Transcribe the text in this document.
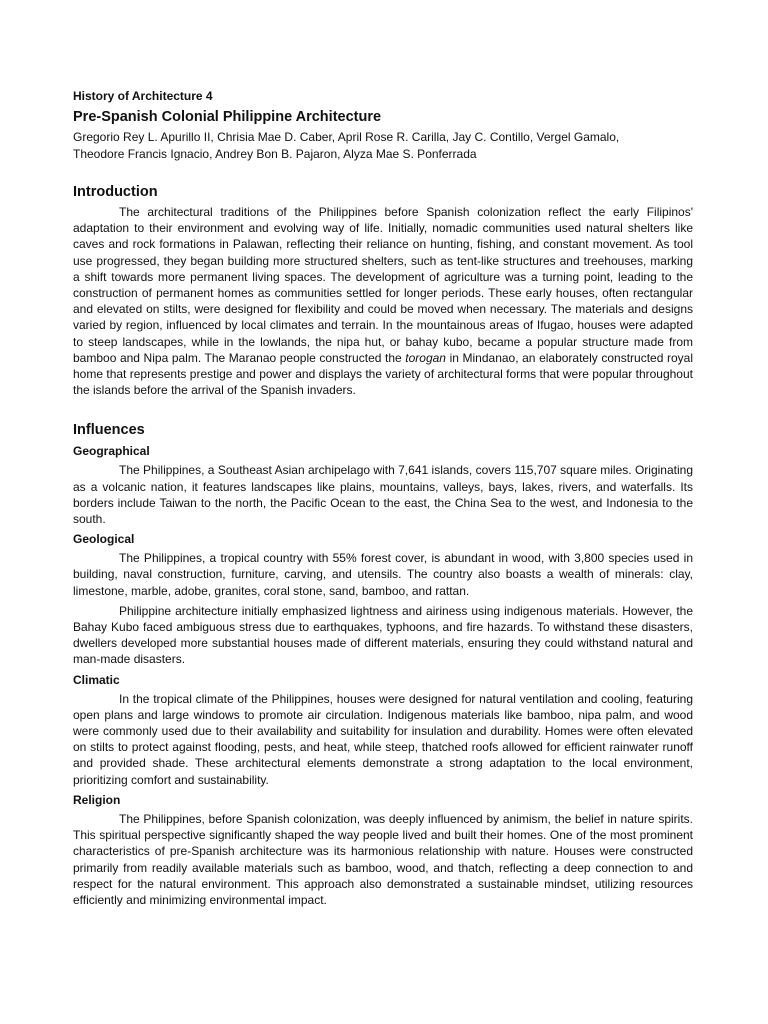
History of Architecture 4

Pre-Spanish Colonial Philippine Architecture

Gregorio Rey L. Apurillo II, Chrisia Mae D. Caber, April Rose R. Carilla, Jay C. Contillo, Vergel Gamalo,
Theodore Francis Ignacio, Andrey Bon B. Pajaron, Alyza Mae S. Ponferrada

Introduction

The architectural traditions of the Philippines before Spanish colonization reflect the early Filipinos' adaptation to their environment and evolving way of life. Initially, nomadic communities used natural shelters like caves and rock formations in Palawan, reflecting their reliance on hunting, fishing, and constant movement. As tool use progressed, they began building more structured shelters, such as tent-like structures and treehouses, marking a shift towards more permanent living spaces. The development of agriculture was a turning point, leading to the construction of permanent homes as communities settled for longer periods. These early houses, often rectangular and elevated on stilts, were designed for flexibility and could be moved when necessary. The materials and designs varied by region, influenced by local climates and terrain. In the mountainous areas of Ifugao, houses were adapted to steep landscapes, while in the lowlands, the nipa hut, or bahay kubo, became a popular structure made from bamboo and Nipa palm. The Maranao people constructed the torogan in Mindanao, an elaborately constructed royal home that represents prestige and power and displays the variety of architectural forms that were popular throughout the islands before the arrival of the Spanish invaders.

Influences

Geographical

The Philippines, a Southeast Asian archipelago with 7,641 islands, covers 115,707 square miles. Originating as a volcanic nation, it features landscapes like plains, mountains, valleys, bays, lakes, rivers, and waterfalls. Its borders include Taiwan to the north, the Pacific Ocean to the east, the China Sea to the west, and Indonesia to the south.

Geological

The Philippines, a tropical country with 55% forest cover, is abundant in wood, with 3,800 species used in building, naval construction, furniture, carving, and utensils. The country also boasts a wealth of minerals: clay, limestone, marble, adobe, granites, coral stone, sand, bamboo, and rattan.

Philippine architecture initially emphasized lightness and airiness using indigenous materials. However, the Bahay Kubo faced ambiguous stress due to earthquakes, typhoons, and fire hazards. To withstand these disasters, dwellers developed more substantial houses made of different materials, ensuring they could withstand natural and man-made disasters.

Climatic

In the tropical climate of the Philippines, houses were designed for natural ventilation and cooling, featuring open plans and large windows to promote air circulation. Indigenous materials like bamboo, nipa palm, and wood were commonly used due to their availability and suitability for insulation and durability. Homes were often elevated on stilts to protect against flooding, pests, and heat, while steep, thatched roofs allowed for efficient rainwater runoff and provided shade. These architectural elements demonstrate a strong adaptation to the local environment, prioritizing comfort and sustainability.

Religion

The Philippines, before Spanish colonization, was deeply influenced by animism, the belief in nature spirits. This spiritual perspective significantly shaped the way people lived and built their homes. One of the most prominent characteristics of pre-Spanish architecture was its harmonious relationship with nature. Houses were constructed primarily from readily available materials such as bamboo, wood, and thatch, reflecting a deep connection to and respect for the natural environment. This approach also demonstrated a sustainable mindset, utilizing resources efficiently and minimizing environmental impact.
